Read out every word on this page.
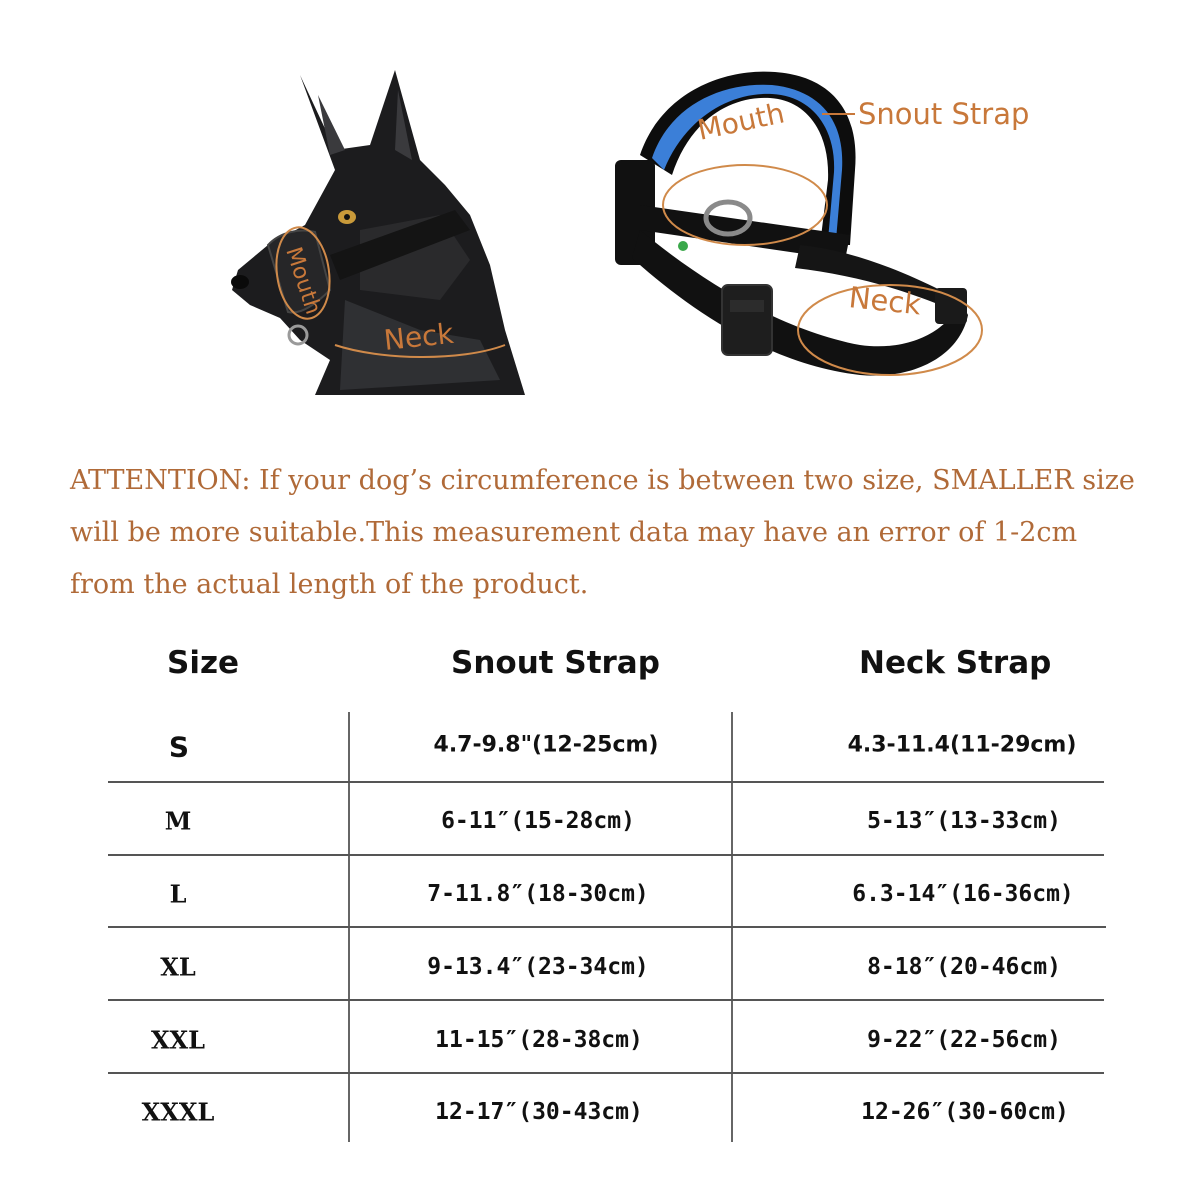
Mouth
Neck
Mouth Snout Strap
Neck

ATTENTION: If your dog’s circumference is between two size, SMALLER size will be more suitable.This measurement data may have an error of 1-2cm from the actual length of the product.

Size	Snout Strap	Neck Strap
S	4.7-9.8"(12-25cm)	4.3-11.4(11-29cm)
M	6-11″(15-28cm)	5-13″(13-33cm)
L	7-11.8″(18-30cm)	6.3-14″(16-36cm)
XL	9-13.4″(23-34cm)	8-18″(20-46cm)
XXL	11-15″(28-38cm)	9-22″(22-56cm)
XXXL	12-17″(30-43cm)	12-26″(30-60cm)
